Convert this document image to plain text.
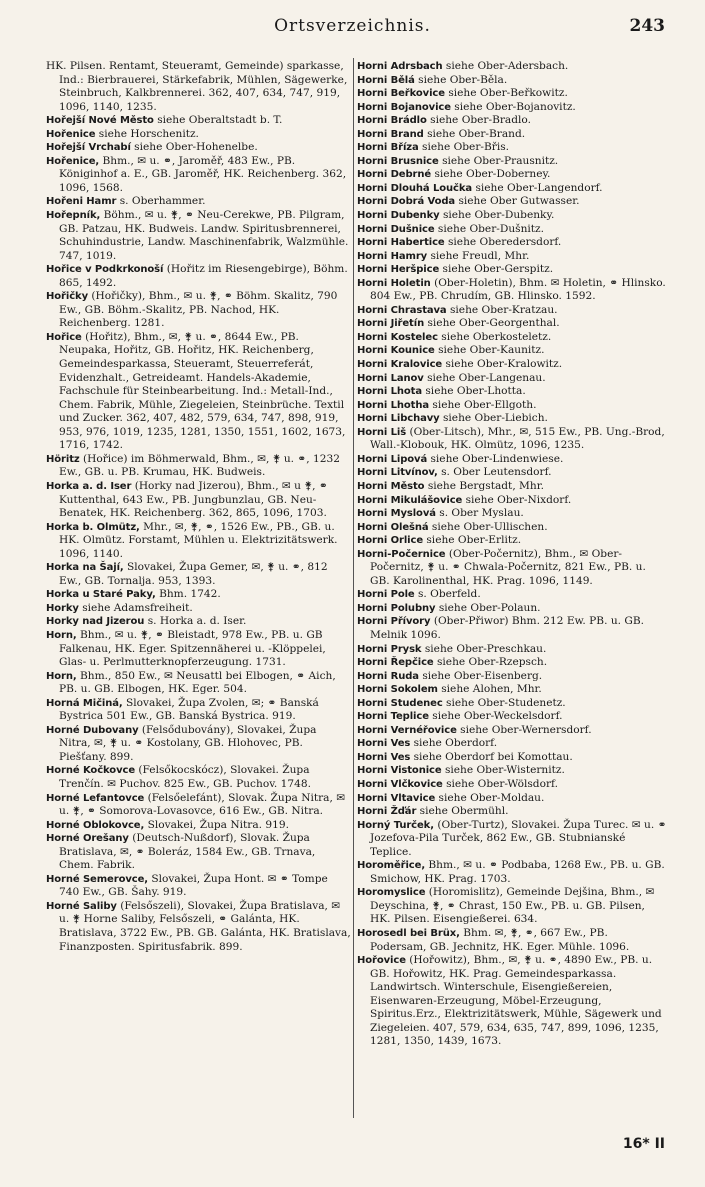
Ortsverzeichnis.	243

HK. Pilsen. Rentamt, Steueramt, Gemeinde) sparkasse, Ind.: Bierbrauerei, Stärkefabrik, Mühlen, Sägewerke, Steinbruch, Kalkbrennerei. 362, 407, 634, 747, 919, 1096, 1140, 1235.

Hořejší Nové Město siehe Oberaltstadt b. T.

Hořenice siehe Horschenitz.

Hořejší Vrchabí siehe Ober-Hohenelbe.

Hořenice, Bhm., ✉ u. ⚭, Jaroměř, 483 Ew., PB. Königinhof a. E., GB. Jaroměř, HK. Reichenberg. 362, 1096, 1568.

Hořeni Hamr s. Oberhammer.

Hořepník, Böhm., ✉ u. ⚵, ⚭ Neu-Cerekwe, PB. Pilgram, GB. Patzau, HK. Budweis. Landw. Spiritusbrennerei, Schuhindustrie, Landw. Maschinenfabrik, Walzmühle. 747, 1019.

Hořice v Podkrkonoší (Hořitz im Riesengebirge), Böhm. 865, 1492.

Hořičky (Hořičky), Bhm., ✉ u. ⚵, ⚭ Böhm. Skalitz, 790 Ew., GB. Böhm.-Skalitz, PB. Nachod, HK. Reichenberg. 1281.

Hořice (Hořitz), Bhm., ✉, ⚵ u. ⚭, 8644 Ew., PB. Neupaka, Hořitz, GB. Hořitz, HK. Reichenberg, Gemeindesparkassa, Steueramt, Steuerreferát, Evidenzhalt., Getreideamt. Handels-Akademie, Fachschule für Steinbearbeitung. Ind.: Metall-Ind., Chem. Fabrik, Mühle, Ziegeleien, Steinbrüche. Textil und Zucker. 362, 407, 482, 579, 634, 747, 898, 919, 953, 976, 1019, 1235, 1281, 1350, 1551, 1602, 1673, 1716, 1742.

Höritz (Hořice) im Böhmerwald, Bhm., ✉, ⚵ u. ⚭, 1232 Ew., GB. u. PB. Krumau, HK. Budweis.

Horka a. d. Iser (Horky nad Jizerou), Bhm., ✉ u ⚵, ⚭ Kuttenthal, 643 Ew., PB. Jungbunzlau, GB. Neu-Benatek, HK. Reichenberg. 362, 865, 1096, 1703.

Horka b. Olmütz, Mhr., ✉, ⚵, ⚭, 1526 Ew., PB., GB. u. HK. Olmütz. Forstamt, Mühlen u. Elektrizitätswerk. 1096, 1140.

Horka na Šají, Slovakei, Župa Gemer, ✉, ⚵ u. ⚭, 812 Ew., GB. Tornalja. 953, 1393.

Horka u Staré Paky, Bhm. 1742.

Horky siehe Adamsfreiheit.

Horky nad Jizerou s. Horka a. d. Iser.

Horn, Bhm., ✉ u. ⚵, ⚭ Bleistadt, 978 Ew., PB. u. GB Falkenau, HK. Eger. Spitzennäherei u. -Klöppelei, Glas- u. Perlmutterknopferzeugung. 1731.

Horn, Bhm., 850 Ew., ✉ Neusattl bei Elbogen, ⚭ Aich, PB. u. GB. Elbogen, HK. Eger. 504.

Horná Mičiná, Slovakei, Župa Zvolen, ✉; ⚭ Banská Bystrica 501 Ew., GB. Banská Bystrica. 919.

Horné Dubovany (Felsődubovány), Slovakei, Župa Nitra, ✉, ⚵ u. ⚭ Kostolany, GB. Hlohovec, PB. Piešťany. 899.

Horné Kočkovce (Felsőkocskócz), Slovakei. Župa Trenčín. ✉ Puchov. 825 Ew., GB. Puchov. 1748.

Horné Lefantovce (Felsőelefánt), Slovak. Župa Nitra, ✉ u. ⚵, ⚭ Somorova-Lovasovce, 616 Ew., GB. Nitra.

Horné Oblokovce, Slovakei, Župa Nitra. 919.

Horné Orešany (Deutsch-Nußdorf), Slovak. Župa Bratislava, ✉, ⚭ Boleráz, 1584 Ew., GB. Trnava, Chem. Fabrik.

Horné Semerovce, Slovakei, Župa Hont. ✉ ⚭ Tompe 740 Ew., GB. Šahy. 919.

Horné Saliby (Felsőszeli), Slovakei, Župa Bratislava, ✉ u. ⚵ Horne Saliby, Felsőszeli, ⚭ Galánta, HK. Bratislava, 3722 Ew., PB. GB. Galánta, HK. Bratislava, Finanzposten. Spiritusfabrik. 899.

Horni Adrsbach siehe Ober-Adersbach.

Horni Bělá siehe Ober-Běla.

Horni Beřkovice siehe Ober-Beřkowitz.

Horni Bojanovice siehe Ober-Bojanovitz.

Horni Brádlo siehe Ober-Bradlo.

Horni Brand siehe Ober-Brand.

Horni Bříza siehe Ober-Břis.

Horni Brusnice siehe Ober-Prausnitz.

Horni Debrné siehe Ober-Doberney.

Horni Dlouhá Loučka siehe Ober-Langendorf.

Horni Dobrá Voda siehe Ober Gutwasser.

Horni Dubenky siehe Ober-Dubenky.

Horni Dušnice siehe Ober-Dušnitz.

Horni Habertice siehe Oberedersdorf.

Horni Hamry siehe Freudl, Mhr.

Horni Heršpice siehe Ober-Gerspitz.

Horni Holetin (Ober-Holetin), Bhm. ✉ Holetin, ⚭ Hlinsko. 804 Ew., PB. Chrudím, GB. Hlinsko. 1592.

Horni Chrastava siehe Ober-Kratzau.

Horni Jiřetín siehe Ober-Georgenthal.

Horni Kostelec siehe Oberkosteletz.

Horni Kounice siehe Ober-Kaunitz.

Horni Kralovice siehe Ober-Kralowitz.

Horni Lanov siehe Ober-Langenau.

Horni Lhota siehe Ober-Lhotta.

Horni Lhotha siehe Ober-Ellgoth.

Horni Libchavy siehe Ober-Liebich.

Horni Liš (Ober-Litsch), Mhr., ✉, 515 Ew., PB. Ung.-Brod, Wall.-Klobouk, HK. Olmütz, 1096, 1235.

Horni Lipová siehe Ober-Lindenwiese.

Horni Litvínov, s. Ober Leutensdorf.

Horni Město siehe Bergstadt, Mhr.

Horni Mikulášovice siehe Ober-Nixdorf.

Horni Myslová s. Ober Myslau.

Horni Olešná siehe Ober-Ullischen.

Horni Orlice siehe Ober-Erlitz.

Horni-Počernice (Ober-Počernitz), Bhm., ✉ Ober-Počernitz, ⚵ u. ⚭ Chwala-Počernitz, 821 Ew., PB. u. GB. Karolinenthal, HK. Prag. 1096, 1149.

Horni Pole s. Oberfeld.

Horni Polubny siehe Ober-Polaun.

Horni Přívory (Ober-Přiwor) Bhm. 212 Ew. PB. u. GB. Melnik 1096.

Horni Prysk siehe Ober-Preschkau.

Horni Řepčice siehe Ober-Rzepsch.

Horni Ruda siehe Ober-Eisenberg.

Horni Sokolem siehe Alohen, Mhr.

Horni Studenec siehe Ober-Studenetz.

Horni Teplice siehe Ober-Weckelsdorf.

Horni Vernéřovice siehe Ober-Wernersdorf.

Horni Ves siehe Oberdorf.

Horni Ves siehe Oberdorf bei Komottau.

Horni Vistonice siehe Ober-Wisternitz.

Horni Vlčkovice siehe Ober-Wölsdorf.

Horni Vltavice siehe Ober-Moldau.

Horni Žďár siehe Obermühl.

Horný Turček, (Ober-Turtz), Slovakei. Župa Turec. ✉ u. ⚭ Jozefova-Pila Turček, 862 Ew., GB. Stubnianské Teplice.

Horoměřice, Bhm., ✉ u. ⚭ Podbaba, 1268 Ew., PB. u. GB. Smichow, HK. Prag. 1703.

Horomyslice (Horomislitz), Gemeinde Dejšina, Bhm., ✉ Deyschina, ⚵, ⚭ Chrast, 150 Ew., PB. u. GB. Pilsen, HK. Pilsen. Eisengießerei. 634.

Horosedl bei Brüx, Bhm. ✉, ⚵, ⚭, 667 Ew., PB. Podersam, GB. Jechnitz, HK. Eger. Mühle. 1096.

Hořovice (Hořowitz), Bhm., ✉, ⚵ u. ⚭, 4890 Ew., PB. u. GB. Hořowitz, HK. Prag. Gemeindesparkassa. Landwirtsch. Winterschule, Eisengießereien, Eisenwaren-Erzeugung, Möbel-Erzeugung, Spiritus.Erz., Elektrizitätswerk, Mühle, Sägewerk und Ziegeleien. 407, 579, 634, 635, 747, 899, 1096, 1235, 1281, 1350, 1439, 1673.

16* II
